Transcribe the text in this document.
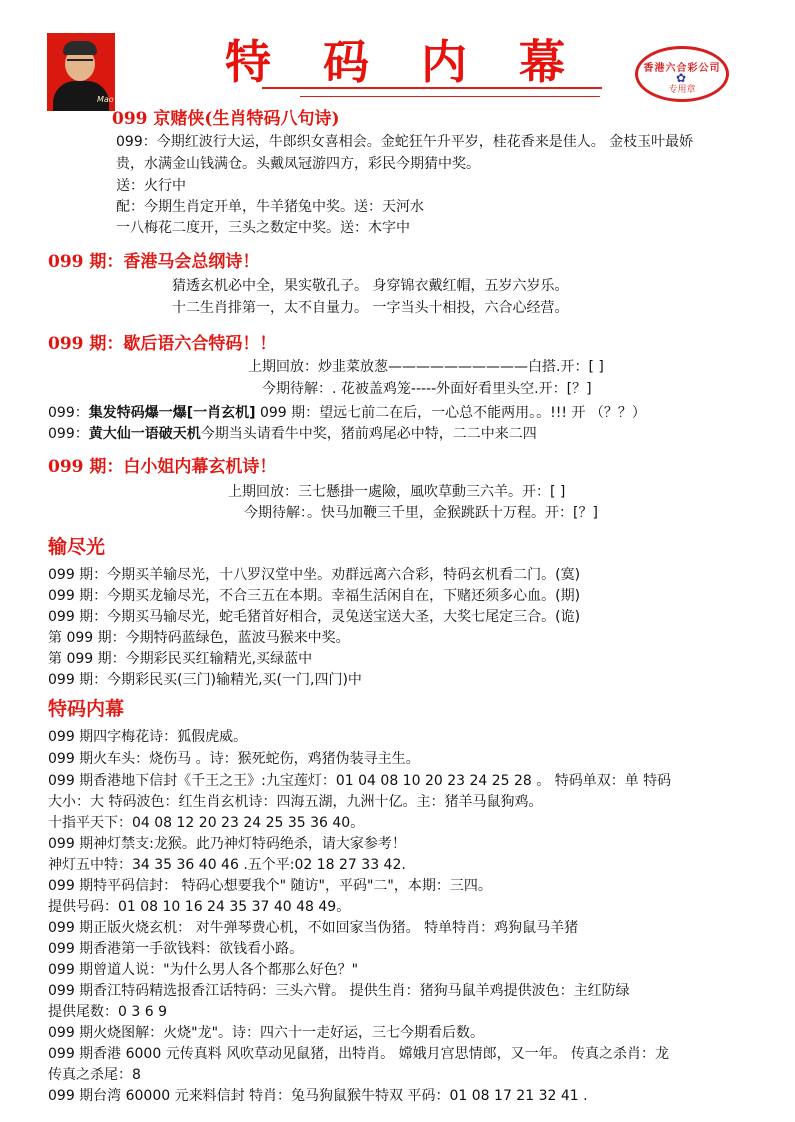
Mao
特码内幕	香港六合彩公司
✿
专用章
099 京赌侠(生肖特码八句诗)
099：今期红波行大运，牛郎织女喜相会。金蛇狂午升平岁，桂花香来是佳人。 金枝玉叶最娇
贵，水满金山钱满仓。头戴凤冠游四方，彩民今期猜中奖。
送：火行中
配：今期生肖定开单，牛羊猪兔中奖。送：天河水
一八梅花二度开，三头之数定中奖。送：木字中
099 期：香港马会总纲诗！
猜透玄机必中全，果实敬孔子。 身穿锦衣戴红帽，五岁六岁乐。
十二生肖排第一，太不自量力。 一字当头十相投，六合心经营。
099 期：歇后语六合特码！！
上期回放：炒韭菜放葱——————————白搭.开：[ ]
今期待解：. 花被盖鸡笼-----外面好看里头空.开：[？]
099：集发特码爆一爆[一肖玄机] 099 期：望远七前二在后，一心总不能两用。。!!! 开 （？？）
099：黄大仙一语破天机今期当头请看牛中奖，猪前鸡尾必中特，二二中来二四
099 期：白小姐内幕玄机诗！
上期回放：三七懸掛一處險，風吹草動三六羊。开：[ ]
今期待解：。快马加鞭三千里，金猴跳跃十万程。开：[？]
输尽光
099 期：今期买羊输尽光，十八罗汉堂中坐。劝群远离六合彩，特码玄机看二门。(寞)
099 期：今期买龙输尽光，不合三五在本期。幸福生活闲自在，下赌还须多心血。(期)
099 期：今期买马输尽光，蛇毛猪首好相合，灵兔送宝送大圣，大奖七尾定三合。(诡)
第 099 期：今期特码蓝绿色，蓝波马猴来中奖。
第 099 期：今期彩民买红输精光,买绿蓝中
099 期：今期彩民买(三门)输精光,买(一门,四门)中
特码内幕
099 期四字梅花诗：狐假虎威。
099 期火车头：烧伤马 。诗：猴死蛇伤，鸡猪伪装寻主生。
099 期香港地下信封《千王之王》:九宝莲灯：01 04 08 10 20 23 24 25 28 。 特码单双：单 特码
大小：大 特码波色：红生肖玄机诗：四海五湖，九洲十亿。主：猪羊马鼠狗鸡。
十指平天下：04 08 12 20 23 24 25 35 36 40。
099 期神灯禁支:龙猴。此乃神灯特码绝杀，请大家参考！
神灯五中特：34 35 36 40 46 .五个平:02 18 27 33 42.
099 期特平码信封： 特码心想要我个" 随访"，平码"二"，本期：三四。
提供号码：01 08 10 16 24 35 37 40 48 49。
099 期正版火烧玄机： 对牛弹琴费心机，不如回家当伪猪。 特单特肖：鸡狗鼠马羊猪
099 期香港第一手欲钱料：欲钱看小路。
099 期曾道人说："为什么男人各个都那么好色？"
099 期香江特码精选报香江话特码：三头六臂。 提供生肖：猪狗马鼠羊鸡提供波色：主红防绿
提供尾数：0 3 6 9
099 期火烧图解：火烧"龙"。诗：四六十一走好运，三七今期看后数。
099 期香港 6000 元传真料 风吹草动见鼠猪，出特肖。 嫦娥月宫思情郎，又一年。 传真之杀肖：龙
传真之杀尾：8
099 期台湾 60000 元来料信封 特肖：兔马狗鼠猴牛特双 平码：01 08 17 21 32 41 .
